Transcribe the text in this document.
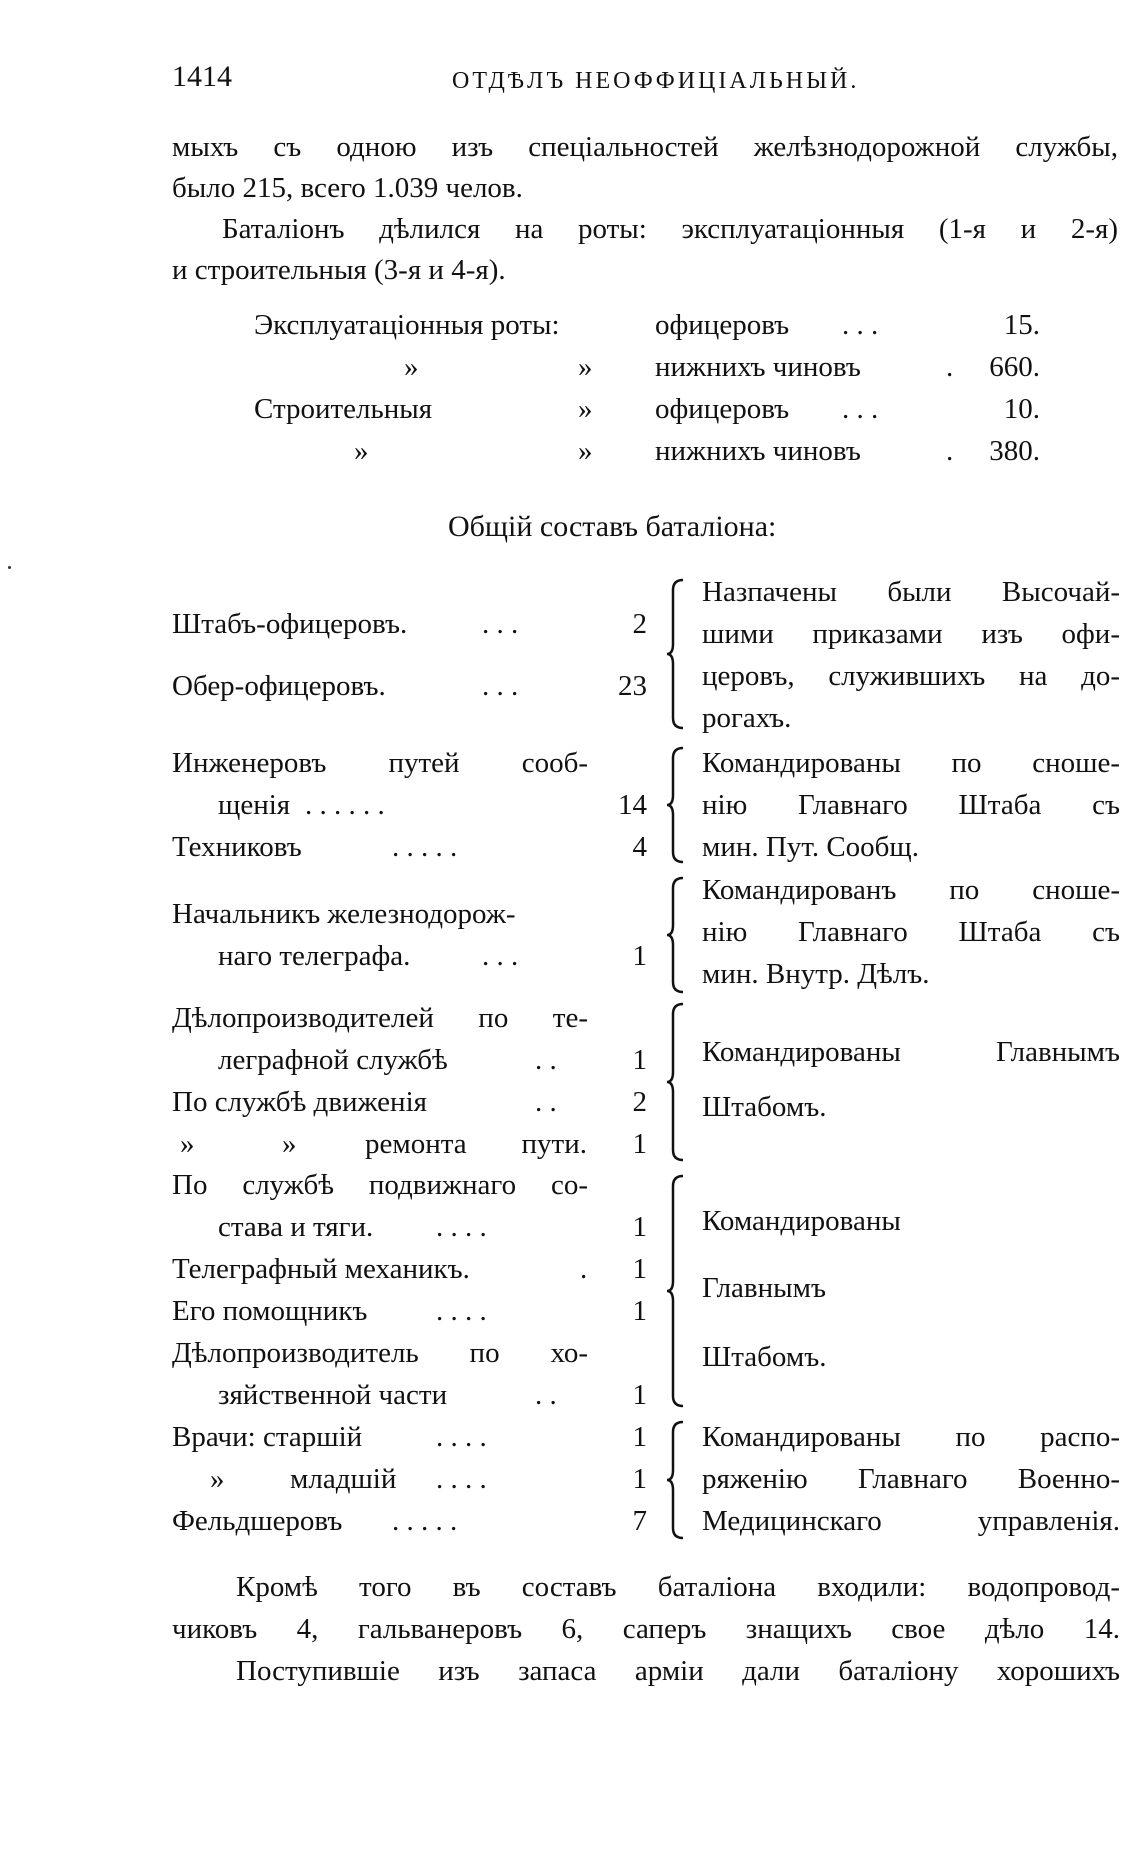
1414	ОТДѢЛЪ НЕОФФИЦІАЛЬНЫЙ.
мыхъ съ одною изъ спеціальностей желѣзнодорожной службы,
было 215, всего 1.039 челов.
Баталіонъ дѣлился на роты: эксплуатаціонныя (1-я и 2-я)
и строительныя (3-я и 4-я).
Эксплуатаціонныя роты:	офицеровъ . . .	15.
»	» нижнихъ чиновъ	.	660.
Строительныя	» офицеровъ . . .	10.
»	» нижнихъ чиновъ	.	380.
Общій составъ баталіона:
Штабъ-офицеровъ.	. . .	2
Обер-офицеровъ.	. . .	23
Назпачены были Высочай-
шими приказами изъ офи-
церовъ, служившихъ на до-
рогахъ.
Инженеровъ путей сооб-
щенія . . . . . .	14
Техниковъ	. . . . .	4
Командированы по сноше-
нію Главнаго Штаба съ
мин. Пут. Сообщ.
Начальникъ железнодорож-
наго телеграфа. . . .	1
Командированъ по сноше-
нію Главнаго Штаба съ
мин. Внутр. Дѣлъ.
Дѣлопроизводителей по те-
леграфной службѣ	. .	1
По службѣ движенія	. .	2
»	» ремонта пути.	1
Командированы Главнымъ
Штабомъ.
По службѣ подвижнаго со-
става и тяги. . . . .	1
Телеграфный механикъ.	.	1
Его помощникъ . . . .	1
Дѣлопроизводитель по хо-
зяйственной части	. .	1
Командированы
Главнымъ
Штабомъ.
Врачи: старшій	. . . .	1
» младшій . . . .	1
Фельдшеровъ . . . . .	7
Командированы по распо-
ряженію Главнаго Военно-
Медицинскаго управленія.
Кромѣ того въ составъ баталіона входили: водопровод-
чиковъ 4, гальванеровъ 6, саперъ знащихъ свое дѣло 14.
Поступившіе изъ запаса арміи дали баталіону хорошихъ
